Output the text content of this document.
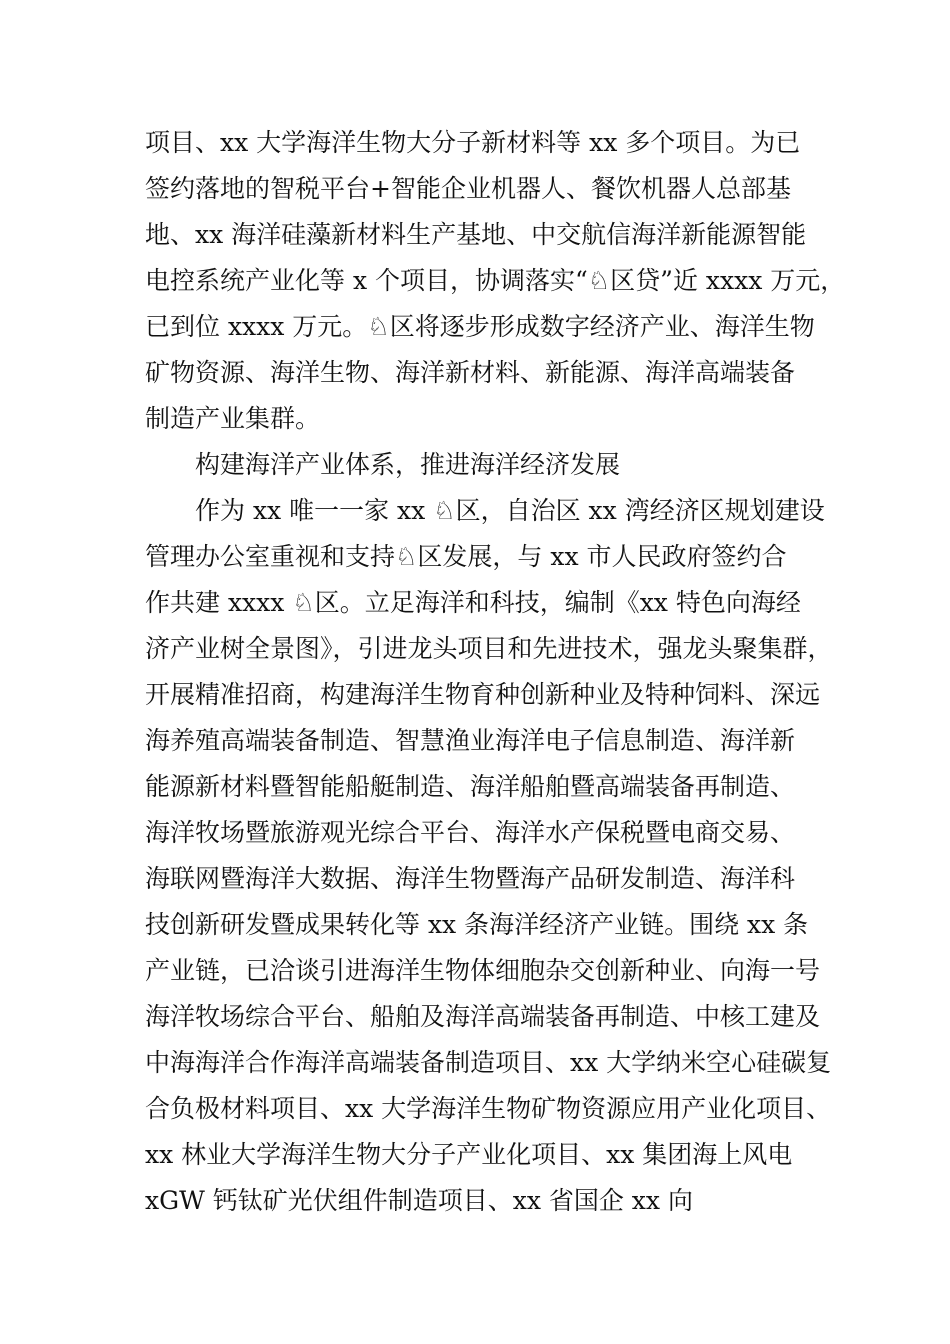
项目、xx 大学海洋生物大分子新材料等 xx 多个项目。为已
签约落地的智税平台+智能企业机器人、餐饮机器人总部基
地、xx 海洋硅藻新材料生产基地、中交航信海洋新能源智能
电控系统产业化等 x 个项目，协调落实“♘区贷”近 xxxx 万元，
已到位 xxxx 万元。♘区将逐步形成数字经济产业、海洋生物
矿物资源、海洋生物、海洋新材料、新能源、海洋高端装备
制造产业集群。
构建海洋产业体系，推进海洋经济发展
作为 xx 唯一一家 xx ♘区，自治区 xx 湾经济区规划建设
管理办公室重视和支持♘区发展，与 xx 市人民政府签约合
作共建 xxxx ♘区。立足海洋和科技，编制《xx 特色向海经
济产业树全景图》，引进龙头项目和先进技术，强龙头聚集群，
开展精准招商，构建海洋生物育种创新种业及特种饲料、深远
海养殖高端装备制造、智慧渔业海洋电子信息制造、海洋新
能源新材料暨智能船艇制造、海洋船舶暨高端装备再制造、
海洋牧场暨旅游观光综合平台、海洋水产保税暨电商交易、
海联网暨海洋大数据、海洋生物暨海产品研发制造、海洋科
技创新研发暨成果转化等 xx 条海洋经济产业链。围绕 xx 条
产业链，已洽谈引进海洋生物体细胞杂交创新种业、向海一号
海洋牧场综合平台、船舶及海洋高端装备再制造、中核工建及
中海海洋合作海洋高端装备制造项目、xx 大学纳米空心硅碳复
合负极材料项目、xx 大学海洋生物矿物资源应用产业化项目、
xx 林业大学海洋生物大分子产业化项目、xx 集团海上风电
xGW 钙钛矿光伏组件制造项目、xx 省国企 xx 向
